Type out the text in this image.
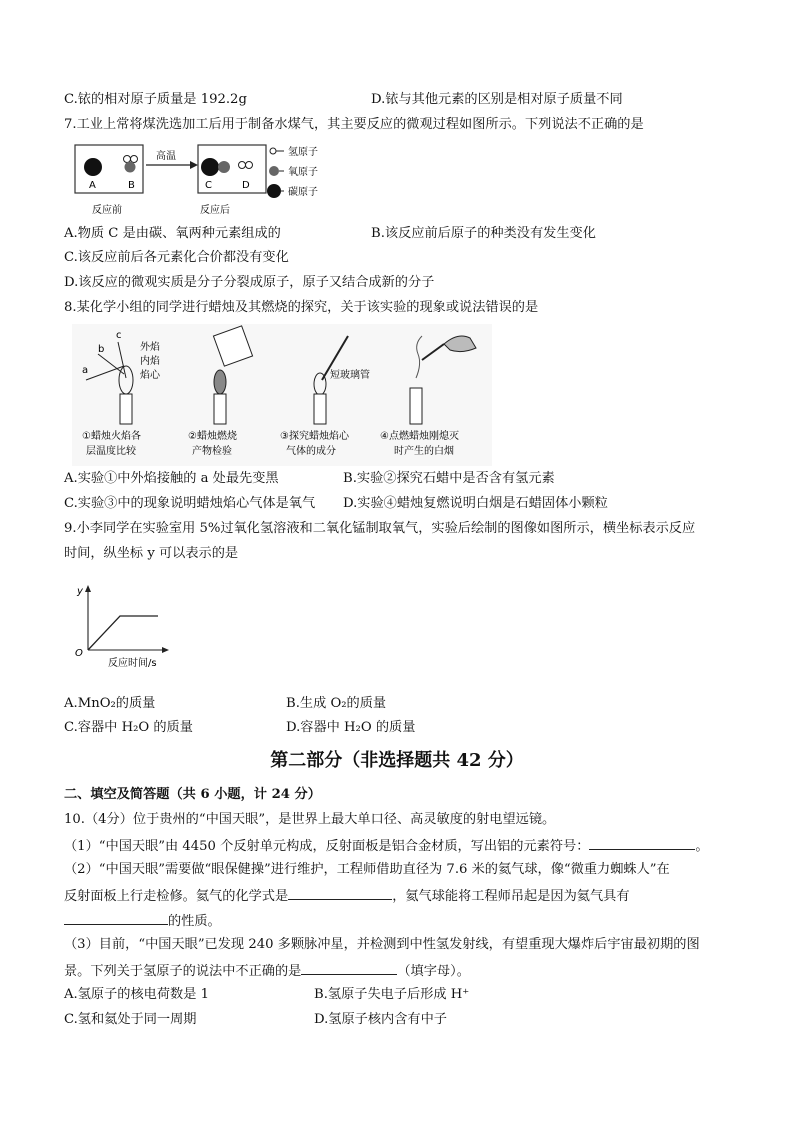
C.铱的相对原子质量是 192.2g	D.铱与其他元素的区别是相对原子质量不同
7.工业上常将煤洗选加工后用于制备水煤气，其主要反应的微观过程如图所示。下列说法不正确的是
A	B
高温
C	D
反应前	反应后
氢原子
氧原子
碳原子
A.物质 C 是由碳、氧两种元素组成的	B.该反应前后原子的种类没有发生变化
C.该反应前后各元素化合价都没有变化
D.该反应的微观实质是分子分裂成原子，原子又结合成新的分子
8.某化学小组的同学进行蜡烛及其燃烧的探究，关于该实验的现象或说法错误的是
a
b
c
外焰
内焰
焰心
①蜡烛火焰各
层温度比较
②蜡烛燃烧
产物检验
短玻璃管
③探究蜡烛焰心
气体的成分
④点燃蜡烛刚熄灭
时产生的白烟
A.实验①中外焰接触的 a 处最先变黑	B.实验②探究石蜡中是否含有氢元素
C.实验③中的现象说明蜡烛焰心气体是氧气 D.实验④蜡烛复燃说明白烟是石蜡固体小颗粒
9.小李同学在实验室用 5%过氧化氢溶液和二氧化锰制取氧气，实验后绘制的图像如图所示，横坐标表示反应
时间，纵坐标 y 可以表示的是
y
O
反应时间/s
A.MnO₂的质量	B.生成 O₂的质量
C.容器中 H₂O 的质量	D.容器中 H₂O 的质量
第二部分（非选择题共 42 分）
二、填空及简答题（共 6 小题，计 24 分）
10.（4分）位于贵州的“中国天眼”，是世界上最大单口径、高灵敏度的射电望远镜。
（1）“中国天眼”由 4450 个反射单元构成，反射面板是铝合金材质，写出铝的元素符号：	。
（2）“中国天眼”需要做“眼保健操”进行维护，工程师借助直径为 7.6 米的氦气球，像“微重力蜘蛛人”在
反射面板上行走检修。氦气的化学式是	，氦气球能将工程师吊起是因为氦气具有
的性质。
（3）目前，“中国天眼”已发现 240 多颗脉冲星，并检测到中性氢发射线，有望重现大爆炸后宇宙最初期的图
景。下列关于氢原子的说法中不正确的是	（填字母）。
A.氢原子的核电荷数是 1	B.氢原子失电子后形成 H⁺
C.氢和氦处于同一周期	D.氢原子核内含有中子
